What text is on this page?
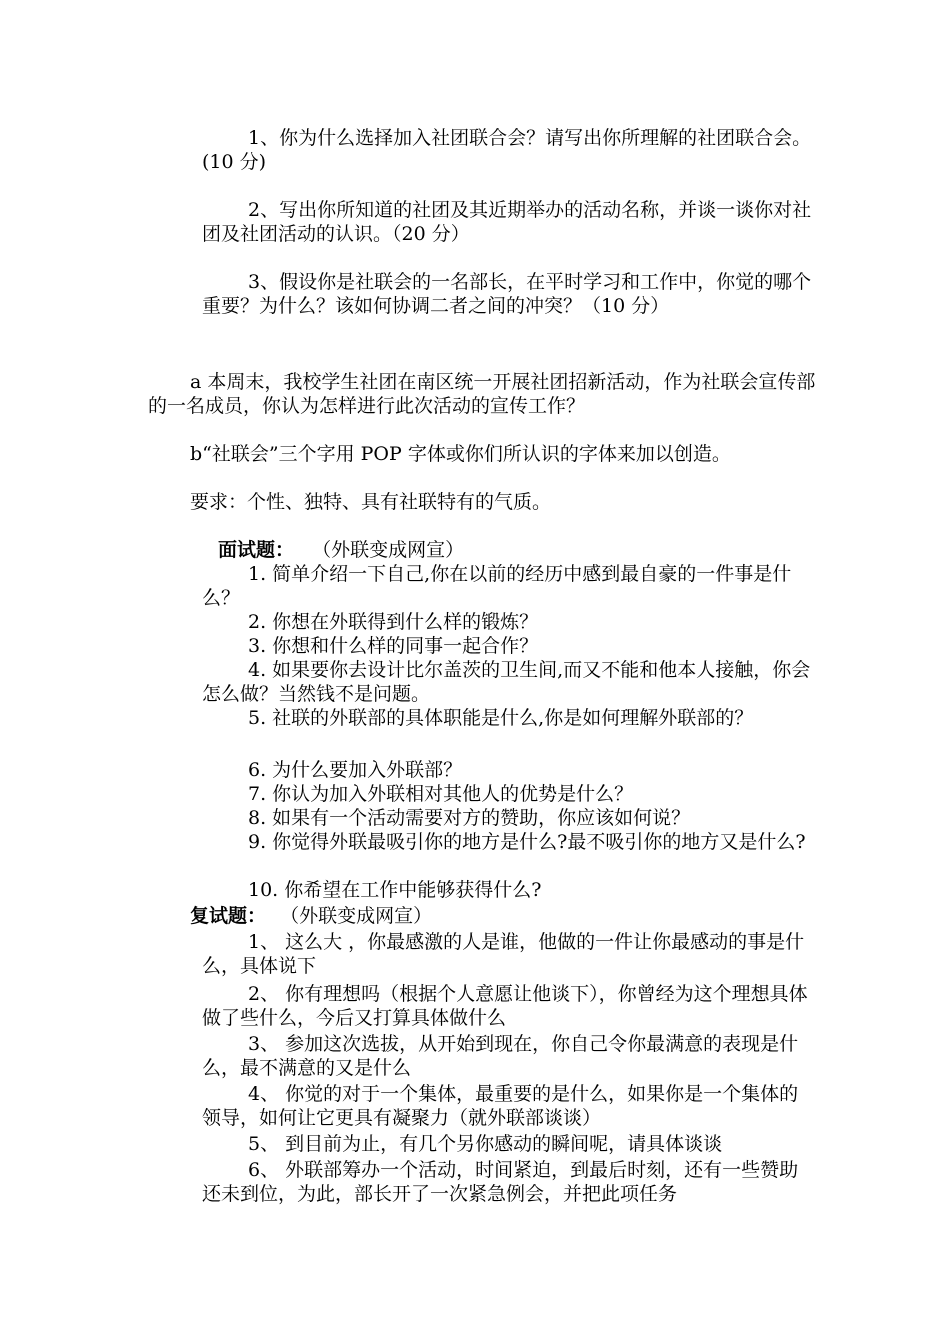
1、你为什么选择加入社团联合会？请写出你所理解的社团联合会。(10 分)

2、写出你所知道的社团及其近期举办的活动名称，并谈一谈你对社团及社团活动的认识。（20 分）

3、假设你是社联会的一名部长，在平时学习和工作中，你觉的哪个重要？为什么？该如何协调二者之间的冲突？（10 分）

a 本周末，我校学生社团在南区统一开展社团招新活动，作为社联会宣传部的一名成员，你认为怎样进行此次活动的宣传工作？

b“社联会”三个字用 POP 字体或你们所认识的字体来加以创造。

要求：个性、独特、具有社联特有的气质。

面试题： （外联变成网宣）

1. 简单介绍一下自己,你在以前的经历中感到最自豪的一件事是什么？

2. 你想在外联得到什么样的锻炼？

3. 你想和什么样的同事一起合作？

4. 如果要你去设计比尔盖茨的卫生间,而又不能和他本人接触，你会怎么做？当然钱不是问题。

5. 社联的外联部的具体职能是什么,你是如何理解外联部的？

6. 为什么要加入外联部？

7. 你认为加入外联相对其他人的优势是什么？

8. 如果有一个活动需要对方的赞助，你应该如何说？

9. 你觉得外联最吸引你的地方是什么?最不吸引你的地方又是什么?

10. 你希望在工作中能够获得什么?

复试题： （外联变成网宣）

1、 这么大 ，你最感激的人是谁，他做的一件让你最感动的事是什么，具体说下

2、 你有理想吗（根据个人意愿让他谈下），你曾经为这个理想具体做了些什么，今后又打算具体做什么

3、 参加这次选拔，从开始到现在，你自己令你最满意的表现是什么，最不满意的又是什么

4、 你觉的对于一个集体，最重要的是什么，如果你是一个集体的领导，如何让它更具有凝聚力（就外联部谈谈）

5、 到目前为止，有几个另你感动的瞬间呢，请具体谈谈

6、 外联部筹办一个活动，时间紧迫，到最后时刻，还有一些赞助还未到位，为此，部长开了一次紧急例会，并把此项任务
